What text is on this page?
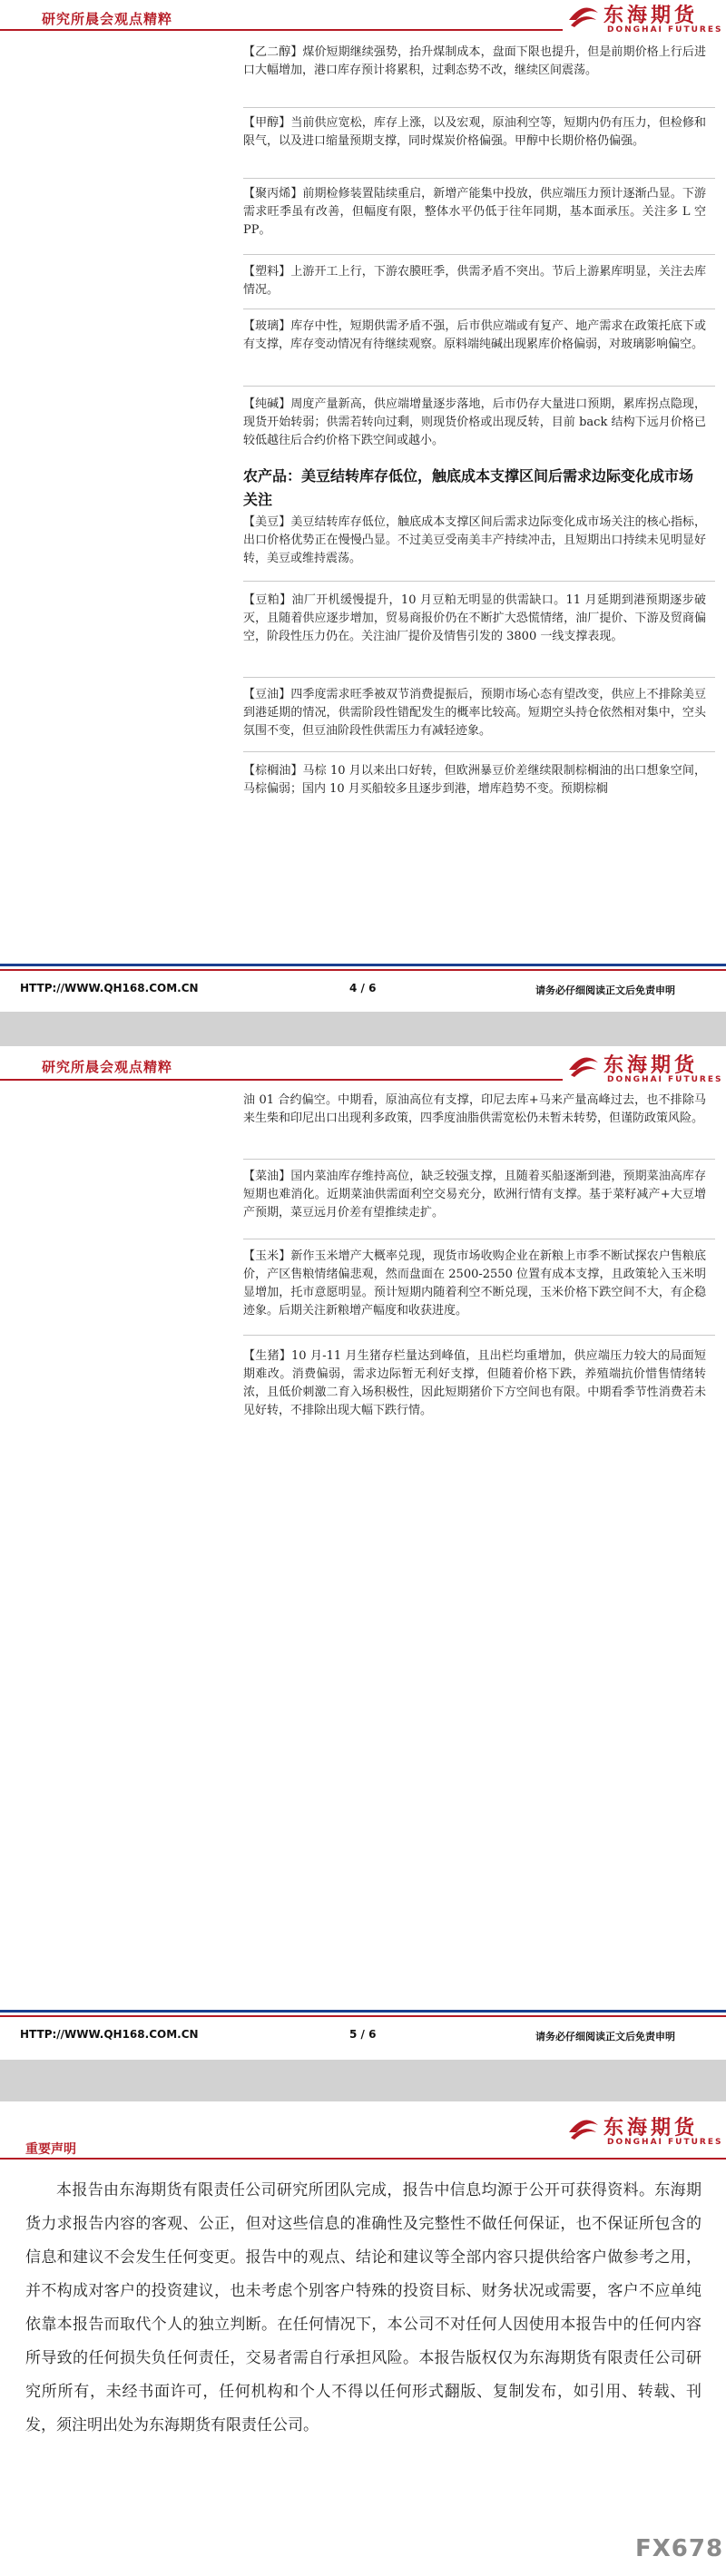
研究所晨会观点精粹	东海期货
DONGHAI FUTURES
【乙二醇】煤价短期继续强势，抬升煤制成本，盘面下限也提升，但是前期价格上行后进口大幅增加，港口库存预计将累积，过剩态势不改，继续区间震荡。
【甲醇】当前供应宽松，库存上涨，以及宏观，原油利空等，短期内仍有压力，但检修和限气，以及进口缩量预期支撑，同时煤炭价格偏强。甲醇中长期价格仍偏强。
【聚丙烯】前期检修装置陆续重启，新增产能集中投放，供应端压力预计逐渐凸显。下游需求旺季虽有改善，但幅度有限，整体水平仍低于往年同期，基本面承压。关注多 L 空 PP。
【塑料】上游开工上行，下游农膜旺季，供需矛盾不突出。节后上游累库明显，关注去库情况。
【玻璃】库存中性，短期供需矛盾不强，后市供应端或有复产、地产需求在政策托底下或有支撑，库存变动情况有待继续观察。原料端纯碱出现累库价格偏弱，对玻璃影响偏空。
【纯碱】周度产量新高，供应端增量逐步落地，后市仍存大量进口预期，累库拐点隐现，现货开始转弱；供需若转向过剩，则现货价格或出现反转，目前 back 结构下远月价格已较低越往后合约价格下跌空间或越小。
农产品：美豆结转库存低位，触底成本支撑区间后需求边际变化成市场关注
【美豆】美豆结转库存低位，触底成本支撑区间后需求边际变化成市场关注的核心指标，出口价格优势正在慢慢凸显。不过美豆受南美丰产持续冲击，且短期出口持续未见明显好转，美豆或维持震荡。
【豆粕】油厂开机缓慢提升，10 月豆粕无明显的供需缺口。11 月延期到港预期逐步破灭，且随着供应逐步增加，贸易商报价仍在不断扩大恐慌情绪，油厂提价、下游及贸商偏空，阶段性压力仍在。关注油厂提价及情售引发的 3800 一线支撑表现。
【豆油】四季度需求旺季被双节消费提振后，预期市场心态有望改变，供应上不排除美豆到港延期的情况，供需阶段性错配发生的概率比较高。短期空头持仓依然相对集中，空头氛围不变，但豆油阶段性供需压力有减轻迹象。
【棕榈油】马棕 10 月以来出口好转，但欧洲暴豆价差继续限制棕榈油的出口想象空间，马棕偏弱；国内 10 月买船较多且逐步到港，增库趋势不变。预期棕榈
HTTP://WWW.QH168.COM.CN	4 / 6	请务必仔细阅读正文后免责申明
研究所晨会观点精粹	东海期货
DONGHAI FUTURES
油 01 合约偏空。中期看，原油高位有支撑，印尼去库+马来产量高峰过去，也不排除马来生柴和印尼出口出现利多政策，四季度油脂供需宽松仍未暂未转势，但谨防政策风险。
【菜油】国内菜油库存维持高位，缺乏较强支撑，且随着买船逐渐到港，预期菜油高库存短期也难消化。近期菜油供需面利空交易充分，欧洲行情有支撑。基于菜籽减产+大豆增产预期，菜豆远月价差有望推续走扩。
【玉米】新作玉米增产大概率兑现，现货市场收购企业在新粮上市季不断试探农户售粮底价，产区售粮情绪偏悲观，然而盘面在 2500-2550 位置有成本支撑，且政策轮入玉米明显增加，托市意愿明显。预计短期内随着利空不断兑现，玉米价格下跌空间不大，有企稳迹象。后期关注新粮增产幅度和收获进度。
【生猪】10 月-11 月生猪存栏量达到峰值，且出栏均重增加，供应端压力较大的局面短期难改。消费偏弱，需求边际暂无利好支撑，但随着价格下跌，养殖端抗价惜售情绪转浓，且低价刺激二育入场积极性，因此短期猪价下方空间也有限。中期看季节性消费若未见好转，不排除出现大幅下跌行情。
HTTP://WWW.QH168.COM.CN	5 / 6	请务必仔细阅读正文后免责申明
东海期货
DONGHAI FUTURES
重要声明
本报告由东海期货有限责任公司研究所团队完成，报告中信息均源于公开可获得资料。东海期货力求报告内容的客观、公正，但对这些信息的准确性及完整性不做任何保证，也不保证所包含的信息和建议不会发生任何变更。报告中的观点、结论和建议等全部内容只提供给客户做参考之用，并不构成对客户的投资建议，也未考虑个别客户特殊的投资目标、财务状况或需要，客户不应单纯依靠本报告而取代个人的独立判断。在任何情况下，本公司不对任何人因使用本报告中的任何内容所导致的任何损失负任何责任，交易者需自行承担风险。本报告版权仅为东海期货有限责任公司研究所所有，未经书面许可，任何机构和个人不得以任何形式翻版、复制发布，如引用、转载、刊发，须注明出处为东海期货有限责任公司。
FX678
